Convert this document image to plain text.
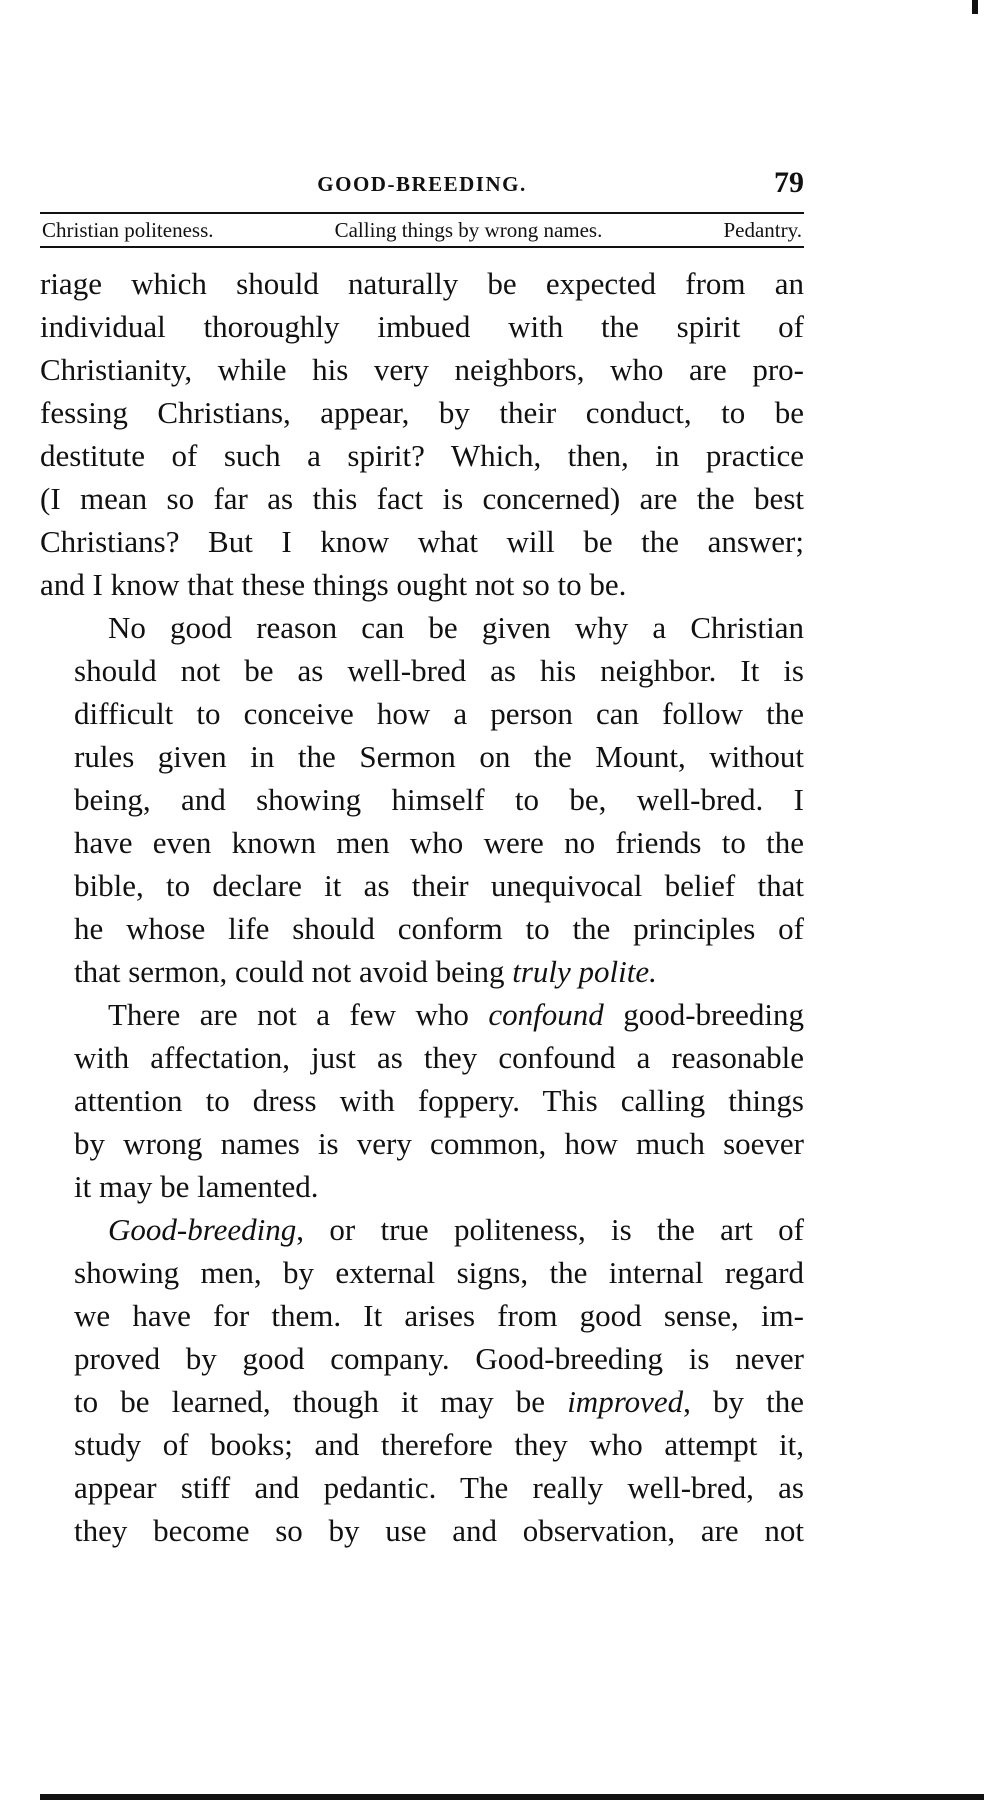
GOOD-BREEDING.	79
Christian politeness.	Calling things by wrong names.	Pedantry.
riage which should naturally be expected from an
individual thoroughly imbued with the spirit of
Christianity, while his very neighbors, who are pro-
fessing Christians, appear, by their conduct, to be
destitute of such a spirit? Which, then, in practice
(I mean so far as this fact is concerned) are the best
Christians? But I know what will be the answer;
and I know that these things ought not so to be.
No good reason can be given why a Christian
should not be as well-bred as his neighbor. It is
difficult to conceive how a person can follow the
rules given in the Sermon on the Mount, without
being, and showing himself to be, well-bred. I
have even known men who were no friends to the
bible, to declare it as their unequivocal belief that
he whose life should conform to the principles of
that sermon, could not avoid being truly polite.
There are not a few who confound good-breeding
with affectation, just as they confound a reasonable
attention to dress with foppery. This calling things
by wrong names is very common, how much soever
it may be lamented.
Good-breeding, or true politeness, is the art of
showing men, by external signs, the internal regard
we have for them. It arises from good sense, im-
proved by good company. Good-breeding is never
to be learned, though it may be improved, by the
study of books; and therefore they who attempt it,
appear stiff and pedantic. The really well-bred, as
they become so by use and observation, are not
